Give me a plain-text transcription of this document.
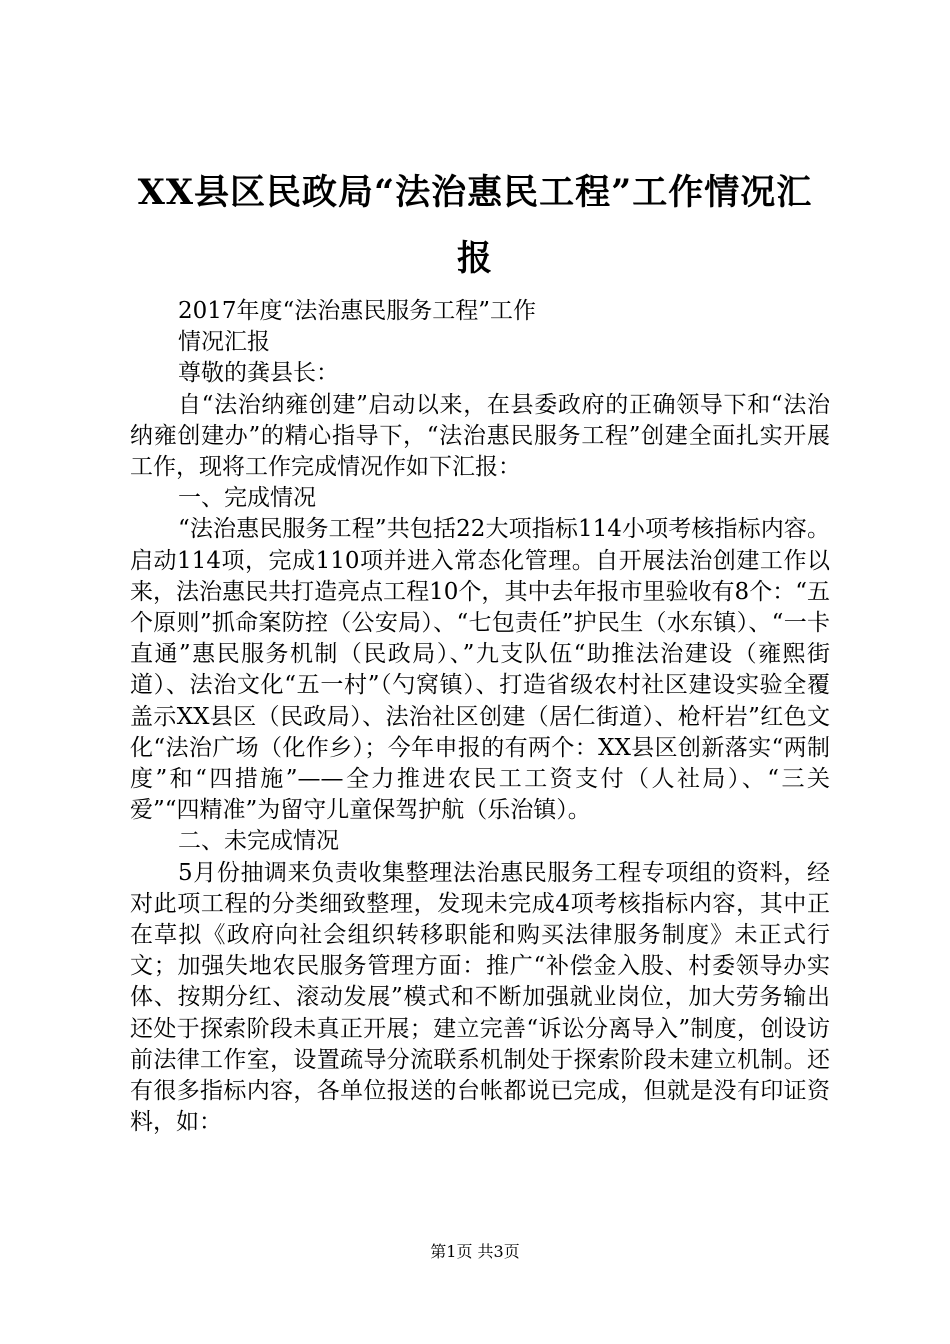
XX县区民政局“法治惠民工程”工作情况汇报

2017年度“法治惠民服务工程”工作

情况汇报

尊敬的龚县长：

自“法治纳雍创建”启动以来，在县委政府的正确领导下和“法治纳雍创建办”的精心指导下，“法治惠民服务工程”创建全面扎实开展工作，现将工作完成情况作如下汇报：

一、完成情况

“法治惠民服务工程”共包括22大项指标114小项考核指标内容。启动114项，完成110项并进入常态化管理。自开展法治创建工作以来，法治惠民共打造亮点工程10个，其中去年报市里验收有8个：“五个原则”抓命案防控（公安局）、“七包责任”护民生（水东镇）、“一卡直通”惠民服务机制（民政局）、”九支队伍“助推法治建设（雍熙街道）、法治文化“五一村”（勺窝镇）、打造省级农村社区建设实验全覆盖示XX县区（民政局）、法治社区创建（居仁街道）、枪杆岩”红色文化“法治广场（化作乡）；今年申报的有两个：XX县区创新落实“两制度”和“四措施”——全力推进农民工工资支付（人社局）、“三关爱”“四精准”为留守儿童保驾护航（乐治镇）。

二、未完成情况

5月份抽调来负责收集整理法治惠民服务工程专项组的资料，经对此项工程的分类细致整理，发现未完成4项考核指标内容，其中正在草拟《政府向社会组织转移职能和购买法律服务制度》未正式行文；加强失地农民服务管理方面：推广“补偿金入股、村委领导办实体、按期分红、滚动发展”模式和不断加强就业岗位，加大劳务输出还处于探索阶段未真正开展；建立完善“诉讼分离导入”制度，创设访前法律工作室，设置疏导分流联系机制处于探索阶段未建立机制。还有很多指标内容，各单位报送的台帐都说已完成，但就是没有印证资料，如：

第1页 共3页
